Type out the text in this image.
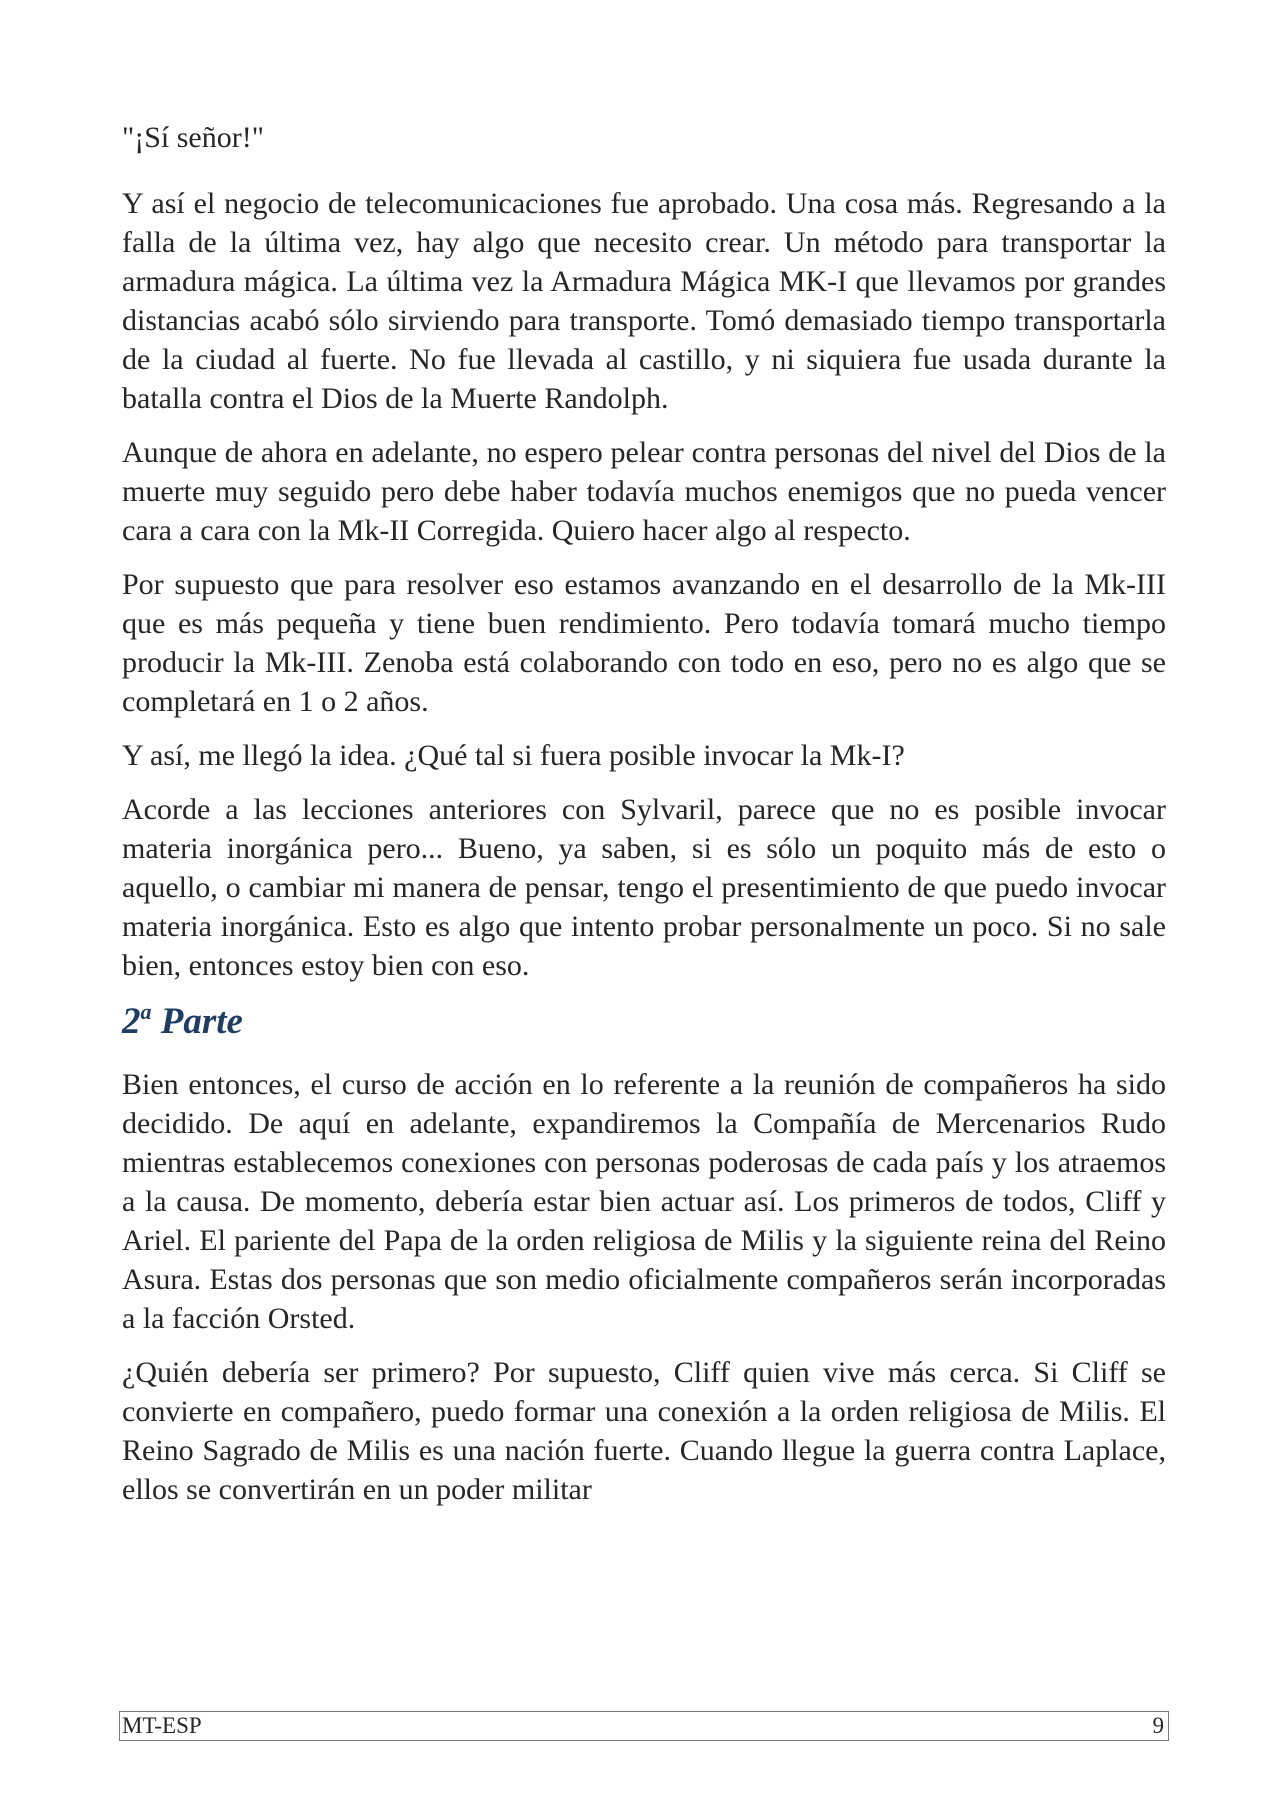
"¡Sí señor!"

Y así el negocio de telecomunicaciones fue aprobado. Una cosa más. Regresando a la falla de la última vez, hay algo que necesito crear. Un método para transportar la armadura mágica. La última vez la Armadura Mágica MK-I que llevamos por grandes distancias acabó sólo sirviendo para transporte. Tomó demasiado tiempo transportarla de la ciudad al fuerte. No fue llevada al castillo, y ni siquiera fue usada durante la batalla contra el Dios de la Muerte Randolph.

Aunque de ahora en adelante, no espero pelear contra personas del nivel del Dios de la muerte muy seguido pero debe haber todavía muchos enemigos que no pueda vencer cara a cara con la Mk-II Corregida. Quiero hacer algo al respecto.

Por supuesto que para resolver eso estamos avanzando en el desarrollo de la Mk-III que es más pequeña y tiene buen rendimiento. Pero todavía tomará mucho tiempo producir la Mk-III. Zenoba está colaborando con todo en eso, pero no es algo que se completará en 1 o 2 años.

Y así, me llegó la idea. ¿Qué tal si fuera posible invocar la Mk-I?

Acorde a las lecciones anteriores con Sylvaril, parece que no es posible invocar materia inorgánica pero... Bueno, ya saben, si es sólo un poquito más de esto o aquello, o cambiar mi manera de pensar, tengo el presentimiento de que puedo invocar materia inorgánica. Esto es algo que intento probar personalmente un poco. Si no sale bien, entonces estoy bien con eso.

2$^a$ Parte

Bien entonces, el curso de acción en lo referente a la reunión de compañeros ha sido decidido. De aquí en adelante, expandiremos la Compañía de Mercenarios Rudo mientras establecemos conexiones con personas poderosas de cada país y los atraemos a la causa. De momento, debería estar bien actuar así. Los primeros de todos, Cliff y Ariel. El pariente del Papa de la orden religiosa de Milis y la siguiente reina del Reino Asura. Estas dos personas que son medio oficialmente compañeros serán incorporadas a la facción Orsted.

¿Quién debería ser primero? Por supuesto, Cliff quien vive más cerca. Si Cliff se convierte en compañero, puedo formar una conexión a la orden religiosa de Milis. El Reino Sagrado de Milis es una nación fuerte. Cuando llegue la guerra contra Laplace, ellos se convertirán en un poder militar

MT-ESP	9
